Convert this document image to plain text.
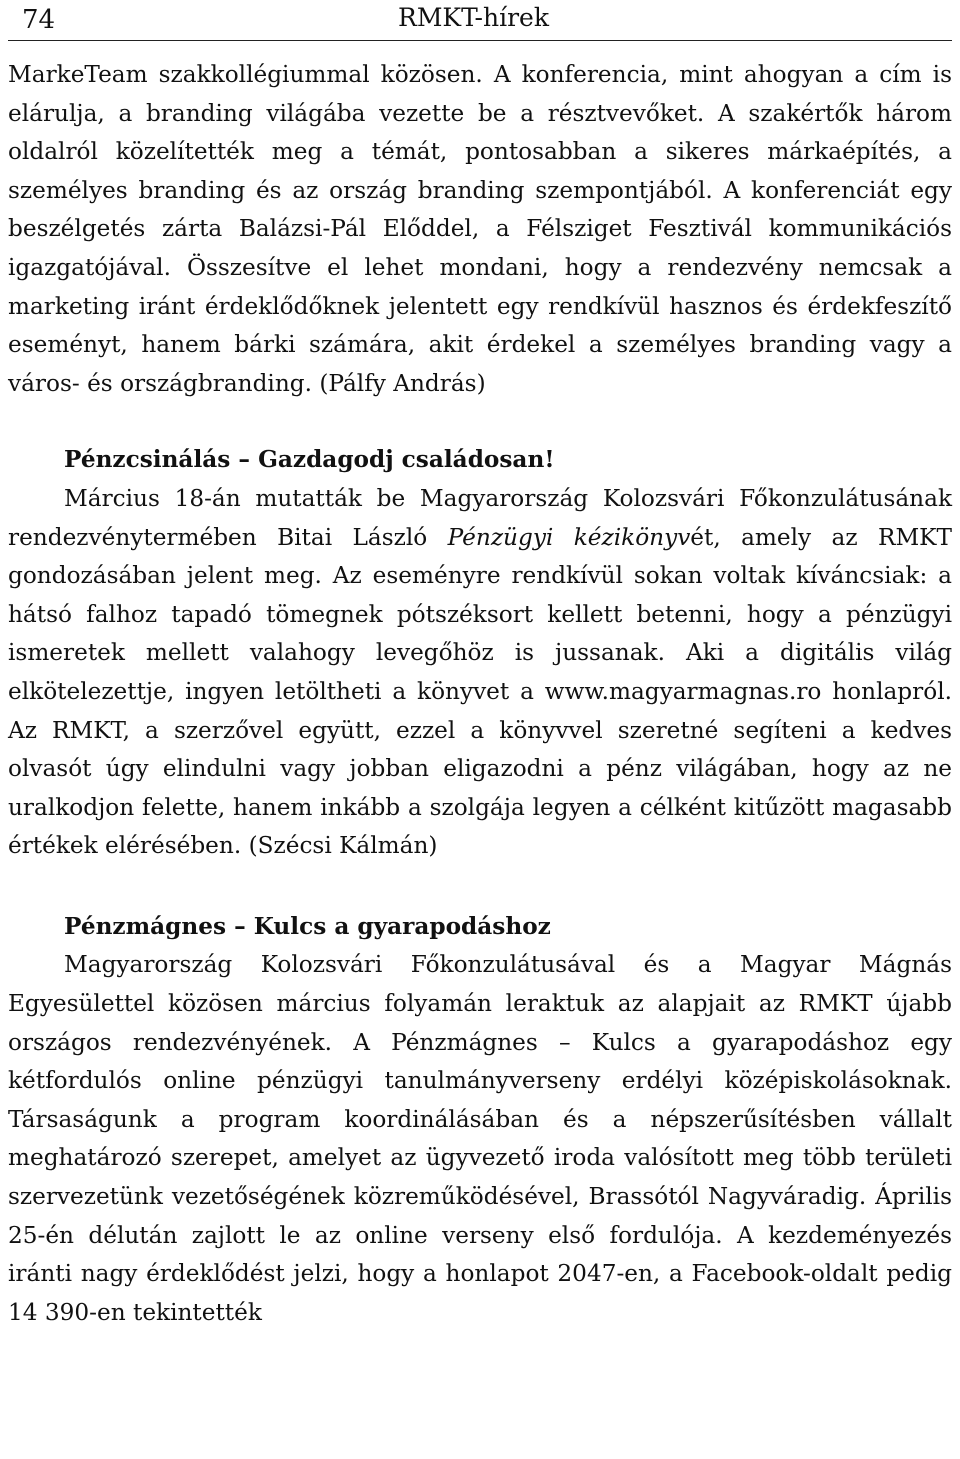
74	RMKT-hírek

MarkeTeam szakkollégiummal közösen. A konferencia, mint ahogyan a cím is elárulja, a branding világába vezette be a résztvevőket. A szakértők három oldalról közelítették meg a témát, pontosabban a sikeres márkaépítés, a személyes branding és az ország branding szempontjából. A konferenciát egy beszélgetés zárta Balázsi-Pál Előddel, a Félsziget Fesztivál kommunikációs igazgatójával. Összesítve el lehet mondani, hogy a rendezvény nemcsak a marketing iránt érdeklődőknek jelentett egy rendkívül hasznos és érdekfeszítő eseményt, hanem bárki számára, akit érdekel a személyes branding vagy a város- és országbranding. (Pálfy András)

Pénzcsinálás – Gazdagodj családosan!

Március 18-án mutatták be Magyarország Kolozsvári Főkonzulátusának rendezvénytermében Bitai László Pénzügyi kézikönyvét, amely az RMKT gondozásában jelent meg. Az eseményre rendkívül sokan voltak kíváncsiak: a hátsó falhoz tapadó tömegnek pótszéksort kellett betenni, hogy a pénzügyi ismeretek mellett valahogy levegőhöz is jussanak. Aki a digitális világ elkötelezettje, ingyen letöltheti a könyvet a www.magyarmagnas.ro honlapról. Az RMKT, a szerzővel együtt, ezzel a könyvvel szeretné segíteni a kedves olvasót úgy elindulni vagy jobban eligazodni a pénz világában, hogy az ne uralkodjon felette, hanem inkább a szolgája legyen a célként kitűzött magasabb értékek elérésében. (Szécsi Kálmán)

Pénzmágnes – Kulcs a gyarapodáshoz

Magyarország Kolozsvári Főkonzulátusával és a Magyar Mágnás Egyesülettel közösen március folyamán leraktuk az alapjait az RMKT újabb országos rendezvényének. A Pénzmágnes – Kulcs a gyarapodáshoz egy kétfordulós online pénzügyi tanulmányverseny erdélyi középiskolásoknak. Társaságunk a program koordinálásában és a népszerűsítésben vállalt meghatározó szerepet, amelyet az ügyvezető iroda valósított meg több területi szervezetünk vezetőségének közreműködésével, Brassótól Nagyváradig. Április 25-én délután zajlott le az online verseny első fordulója. A kezdeményezés iránti nagy érdeklődést jelzi, hogy a honlapot 2047-en, a Facebook-oldalt pedig 14 390-en tekintették
